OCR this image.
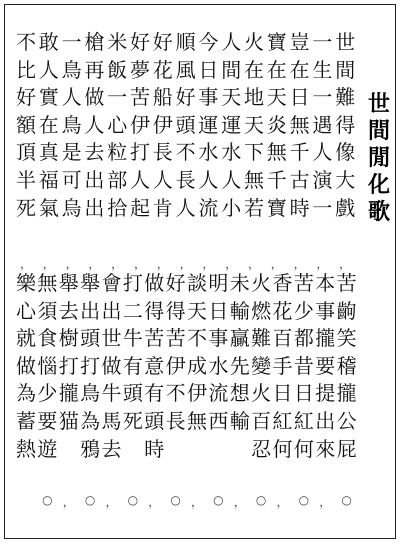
世
間
閒
化
歌
世
間
難
得
像
大
戲
一
生
一
遇
人
演
一
豈
在
日
無
千
古
時
寶
在
天
炎
無
千
寶
火
在
地
天
下
無
若
人
間
天
運
水
人
小
今
日
事
運
水
人
流
順
風
好
頭
不
長
人
好
花
船
伊
長
人
肯
好
夢
苦
伊
打
人
起
米
飯
一
心
粒
部
拾
槍
再
做
人
去
出
出
一
鳥
人
鳥
是
可
烏
敢
人
實
在
真
福
氣
不
比
好
額
頂
半
死
，
，
，
，
，
，
，
，
，
，
，
，
，
，
，
苦
齣
笑
稽
攏
公
屁
本
事
攏
要
提
出
來
苦
少
都
昔
日
紅
何
香
花
百
手
日
紅
何
火
燃
難
變
火
百
忍
未
輸
贏
先
想
輸
明
日
事
水
流
西
談
天
不
成
伊
無
好
得
苦
伊
不
長
做
得
苦
意
有
頭
時
打
二
牛
有
頭
死
會
出
世
做
牛
馬
去
舉
出
頭
打
鳥
為
鴉
舉
去
樹
打
攏
猫
無
須
食
惱
少
要
遊
樂
心
就
做
為
蓄
熱
○
，
○
，
○
，
○
，
○
，
○
，
○
，
○
